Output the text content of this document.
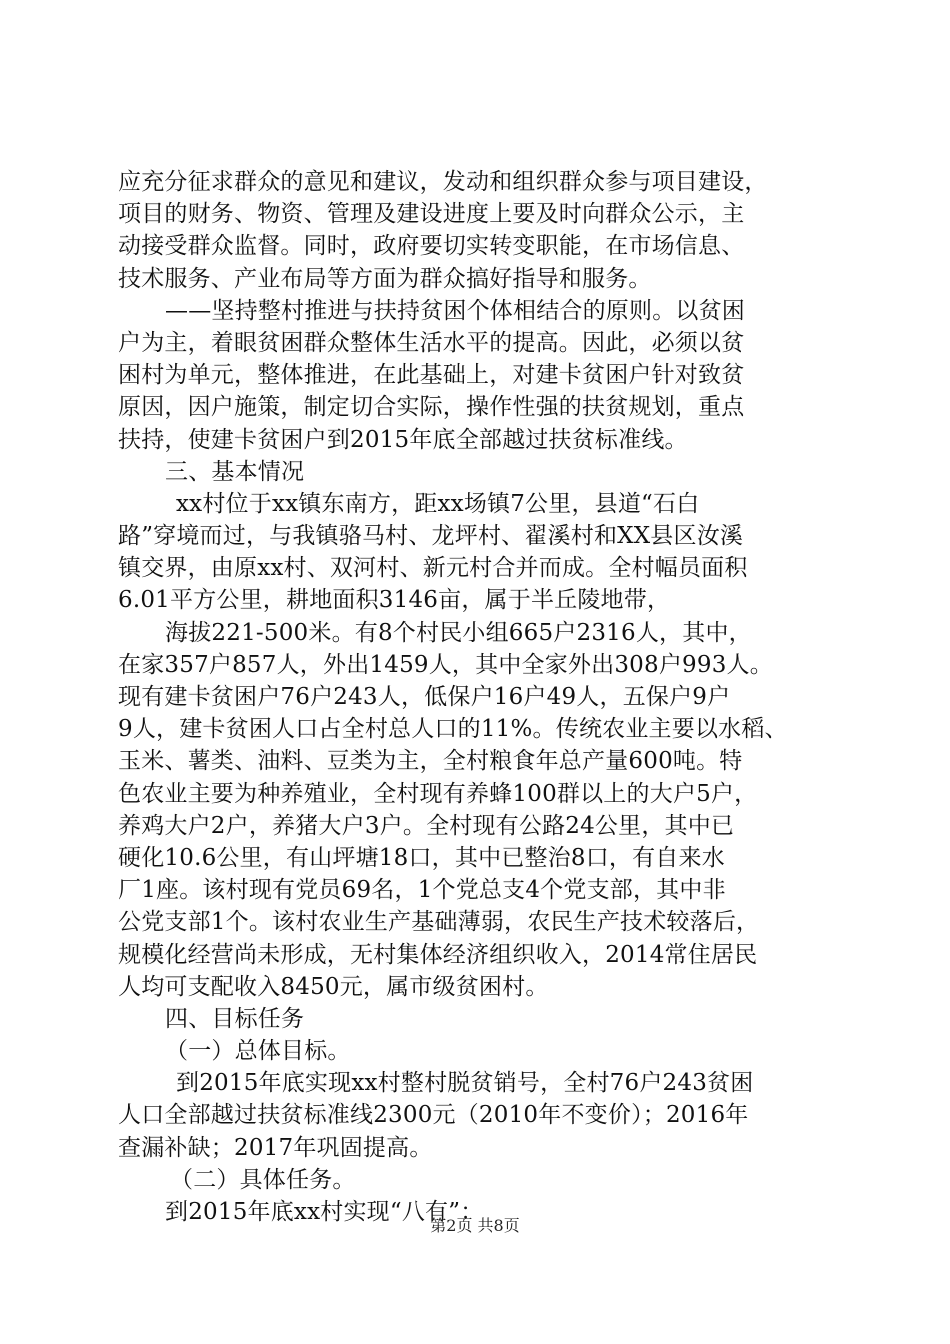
应充分征求群众的意见和建议，发动和组织群众参与项目建设，
项目的财务、物资、管理及建设进度上要及时向群众公示，主
动接受群众监督。同时，政府要切实转变职能，在市场信息、
技术服务、产业布局等方面为群众搞好指导和服务。
——坚持整村推进与扶持贫困个体相结合的原则。以贫困
户为主，着眼贫困群众整体生活水平的提高。因此，必须以贫
困村为单元，整体推进，在此基础上，对建卡贫困户针对致贫
原因，因户施策，制定切合实际，操作性强的扶贫规划，重点
扶持，使建卡贫困户到2015年底全部越过扶贫标准线。
三、基本情况
xx村位于xx镇东南方，距xx场镇7公里，县道“石白
路”穿境而过，与我镇骆马村、龙坪村、翟溪村和XX县区汝溪
镇交界，由原xx村、双河村、新元村合并而成。全村幅员面积
6.01平方公里，耕地面积3146亩，属于半丘陵地带，
海拔221-500米。有8个村民小组665户2316人，其中，
在家357户857人，外出1459人，其中全家外出308户993人。
现有建卡贫困户76户243人，低保户16户49人，五保户9户
9人，建卡贫困人口占全村总人口的11%。传统农业主要以水稻、
玉米、薯类、油料、豆类为主，全村粮食年总产量600吨。特
色农业主要为种养殖业，全村现有养蜂100群以上的大户5户，
养鸡大户2户，养猪大户3户。全村现有公路24公里，其中已
硬化10.6公里，有山坪塘18口，其中已整治8口，有自来水
厂1座。该村现有党员69名，1个党总支4个党支部，其中非
公党支部1个。该村农业生产基础薄弱，农民生产技术较落后，
规模化经营尚未形成，无村集体经济组织收入，2014常住居民
人均可支配收入8450元，属市级贫困村。
四、目标任务
（一）总体目标。
到2015年底实现xx村整村脱贫销号，全村76户243贫困
人口全部越过扶贫标准线2300元（2010年不变价）；2016年
查漏补缺；2017年巩固提高。
（二）具体任务。
到2015年底xx村实现“八有”：
第2页 共8页
